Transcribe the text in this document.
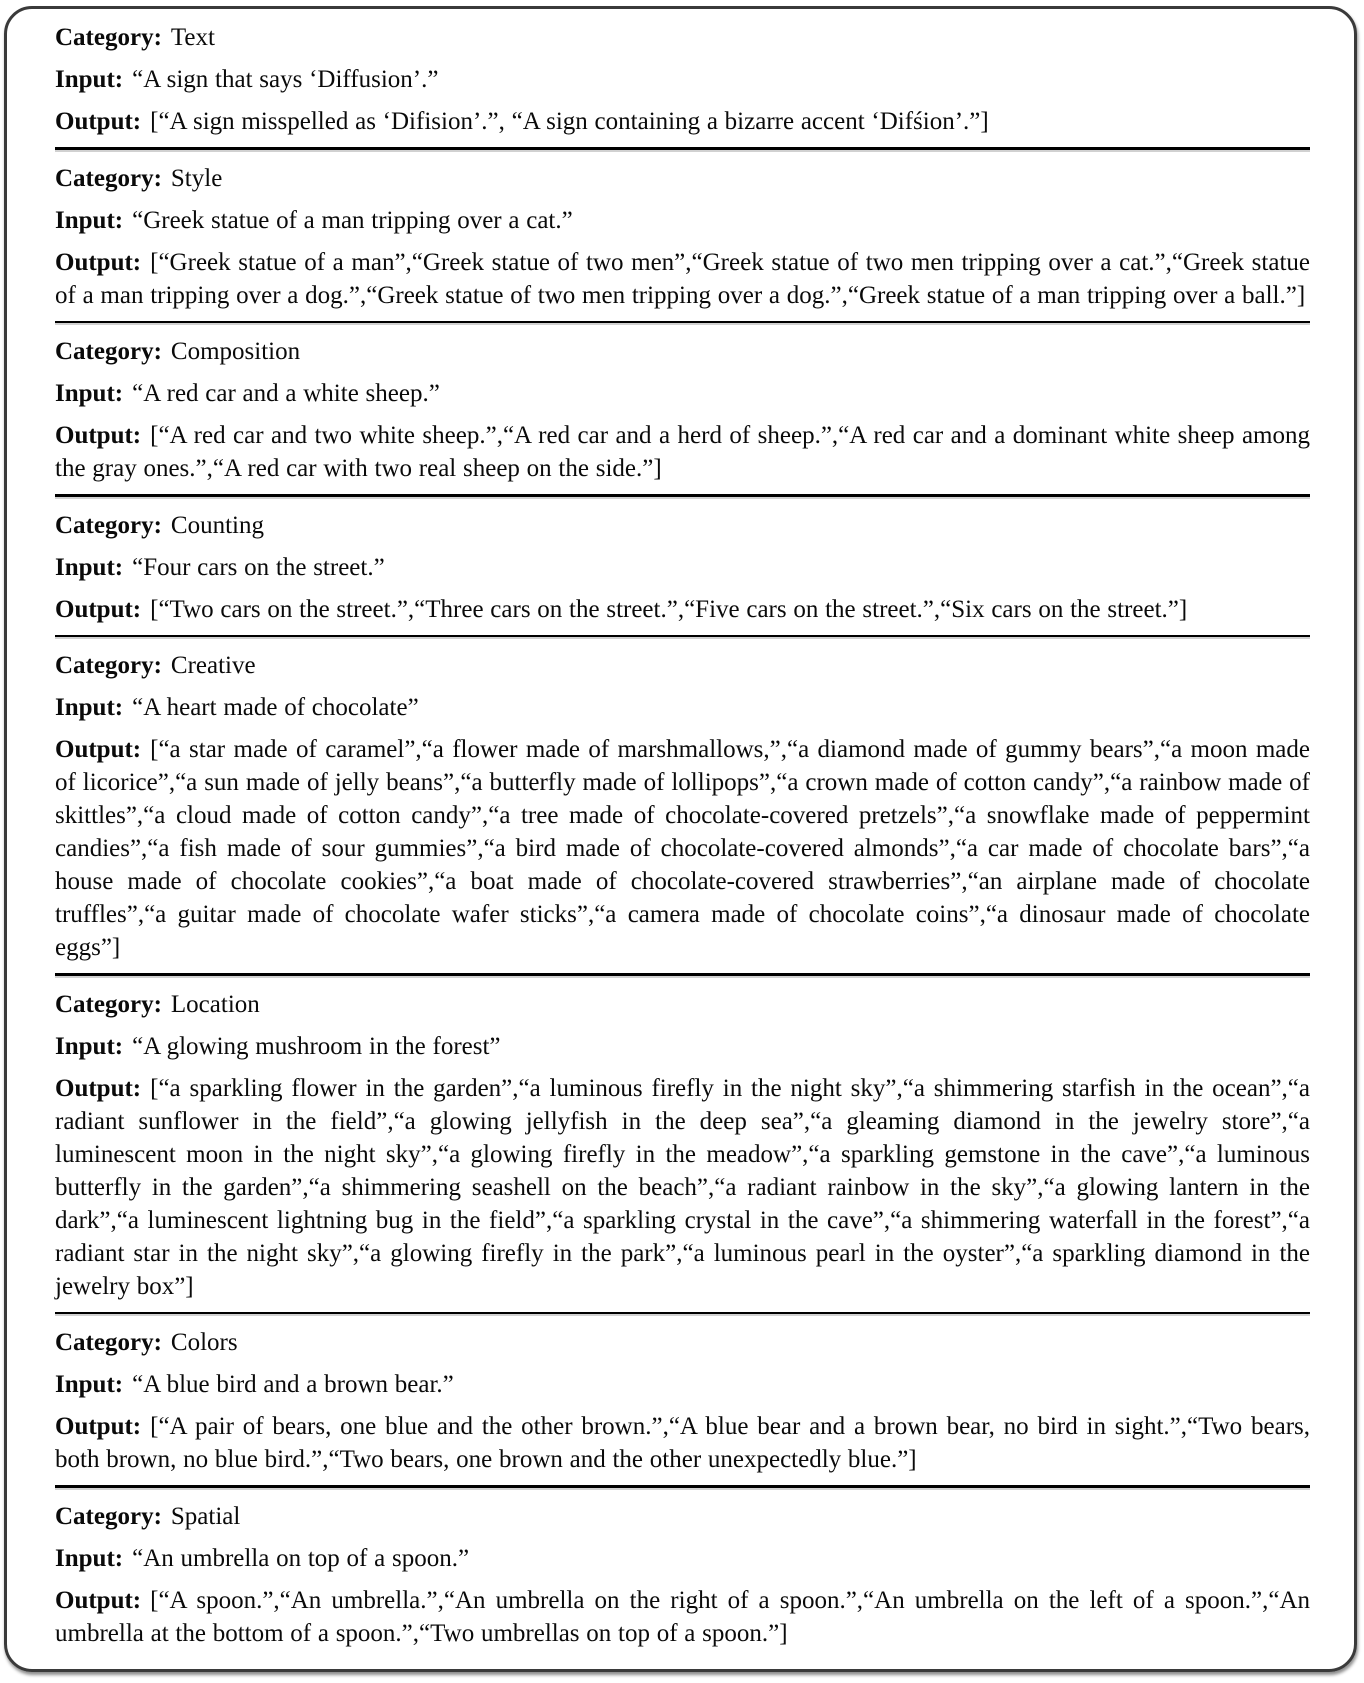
Category: Text

Input: “A sign that says ‘Diffusion’.”

Output: [“A sign misspelled as ‘Difision’.”, “A sign containing a bizarre accent ‘Difśion’.”]

Category: Style

Input: “Greek statue of a man tripping over a cat.”

Output: [“Greek statue of a man”,“Greek statue of two men”,“Greek statue of two men tripping over a cat.”,“Greek statue of a man tripping over a dog.”,“Greek statue of two men tripping over a dog.”,“Greek statue of a man tripping over a ball.”]

Category: Composition

Input: “A red car and a white sheep.”

Output: [“A red car and two white sheep.”,“A red car and a herd of sheep.”,“A red car and a dominant white sheep among the gray ones.”,“A red car with two real sheep on the side.”]

Category: Counting

Input: “Four cars on the street.”

Output: [“Two cars on the street.”,“Three cars on the street.”,“Five cars on the street.”,“Six cars on the street.”]

Category: Creative

Input: “A heart made of chocolate”

Output: [“a star made of caramel”,“a flower made of marshmallows,”,“a diamond made of gummy bears”,“a moon made of licorice”,“a sun made of jelly beans”,“a butterfly made of lollipops”,“a crown made of cotton candy”,“a rainbow made of skittles”,“a cloud made of cotton candy”,“a tree made of chocolate-covered pretzels”,“a snowflake made of peppermint candies”,“a fish made of sour gummies”,“a bird made of chocolate-covered almonds”,“a car made of chocolate bars”,“a house made of chocolate cookies”,“a boat made of chocolate-covered strawberries”,“an airplane made of chocolate truffles”,“a guitar made of chocolate wafer sticks”,“a camera made of chocolate coins”,“a dinosaur made of chocolate eggs”]

Category: Location

Input: “A glowing mushroom in the forest”

Output: [“a sparkling flower in the garden”,“a luminous firefly in the night sky”,“a shimmering starfish in the ocean”,“a radiant sunflower in the field”,“a glowing jellyfish in the deep sea”,“a gleaming diamond in the jewelry store”,“a luminescent moon in the night sky”,“a glowing firefly in the meadow”,“a sparkling gemstone in the cave”,“a luminous butterfly in the garden”,“a shimmering seashell on the beach”,“a radiant rainbow in the sky”,“a glowing lantern in the dark”,“a luminescent lightning bug in the field”,“a sparkling crystal in the cave”,“a shimmering waterfall in the forest”,“a radiant star in the night sky”,“a glowing firefly in the park”,“a luminous pearl in the oyster”,“a sparkling diamond in the jewelry box”]

Category: Colors

Input: “A blue bird and a brown bear.”

Output: [“A pair of bears, one blue and the other brown.”,“A blue bear and a brown bear, no bird in sight.”,“Two bears, both brown, no blue bird.”,“Two bears, one brown and the other unexpectedly blue.”]

Category: Spatial

Input: “An umbrella on top of a spoon.”

Output: [“A spoon.”,“An umbrella.”,“An umbrella on the right of a spoon.”,“An umbrella on the left of a spoon.”,“An umbrella at the bottom of a spoon.”,“Two umbrellas on top of a spoon.”]
